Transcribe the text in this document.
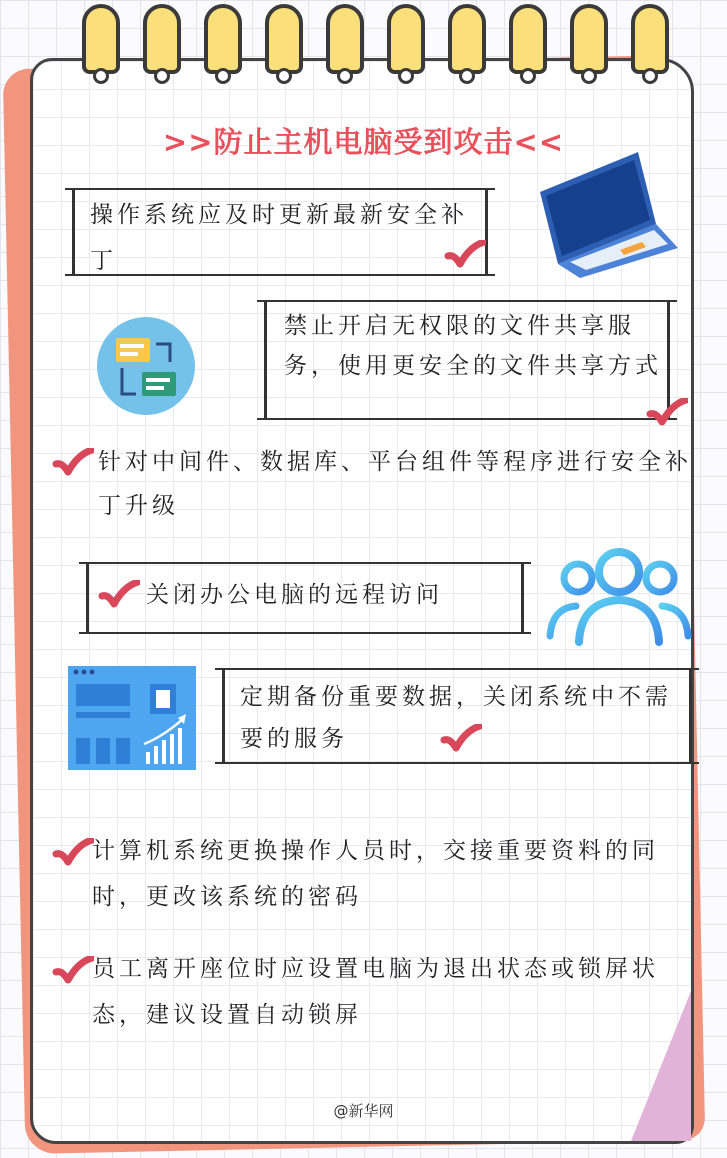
>>防止主机电脑受到攻击<<
操作系统应及时更新最新安全补丁
禁止开启无权限的文件共享服务，使用更安全的文件共享方式
针对中间件、数据库、平台组件等程序进行安全补丁升级
关闭办公电脑的远程访问
定期备份重要数据，关闭系统中不需要的服务
计算机系统更换操作人员时，交接重要资料的同时，更改该系统的密码
员工离开座位时应设置电脑为退出状态或锁屏状态，建议设置自动锁屏
@新华网
